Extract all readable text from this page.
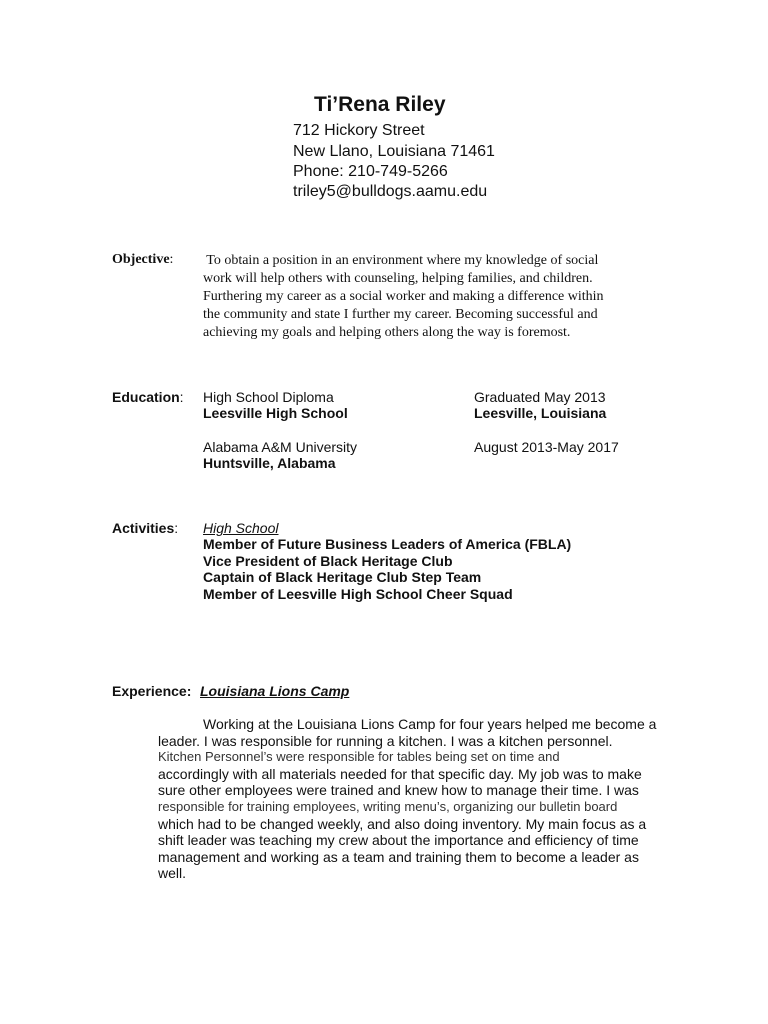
Ti’Rena Riley
712 Hickory Street
New Llano, Louisiana 71461
Phone: 210-749-5266
triley5@bulldogs.aamu.edu
Objective: To obtain a position in an environment where my knowledge of social

work will help others with counseling, helping families, and children.

Furthering my career as a social worker and making a difference within

the community and state I further my career. Becoming successful and

achieving my goals and helping others along the way is foremost.

Education: High School Diploma
Leesville High School
Graduated May 2013
Leesville, Louisiana
Alabama A&M University
Huntsville, Alabama
August 2013-May 2017
Activities: High School
Member of Future Business Leaders of America (FBLA)
Vice President of Black Heritage Club
Captain of Black Heritage Club Step Team
Member of Leesville High School Cheer Squad
Experience: Louisiana Lions Camp

Working at the Louisiana Lions Camp for four years helped me become a

leader. I was responsible for running a kitchen. I was a kitchen personnel.

Kitchen Personnel’s were responsible for tables being set on time and

accordingly with all materials needed for that specific day. My job was to make

sure other employees were trained and knew how to manage their time. I was

responsible for training employees, writing menu’s, organizing our bulletin board

which had to be changed weekly, and also doing inventory. My main focus as a

shift leader was teaching my crew about the importance and efficiency of time

management and working as a team and training them to become a leader as

well.
